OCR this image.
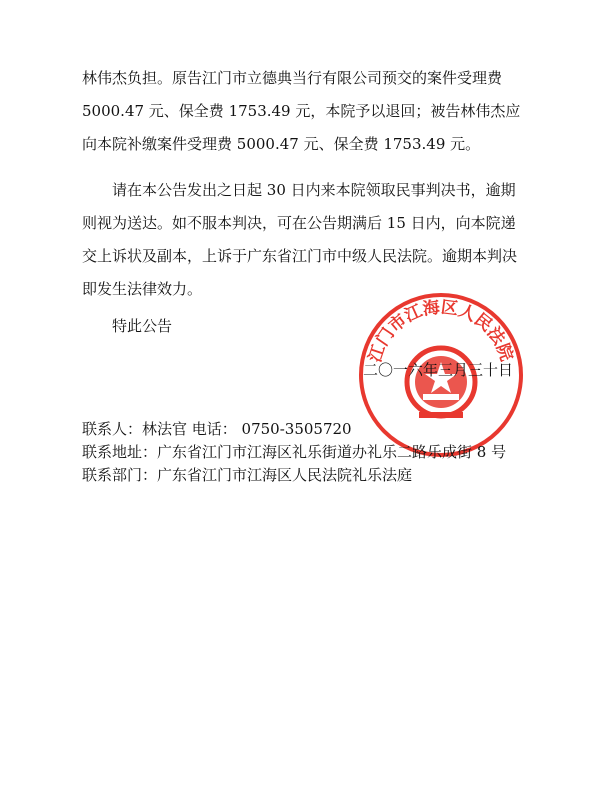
林伟杰负担。原告江门市立德典当行有限公司预交的案件受理费5000.47 元、保全费 1753.49 元，本院予以退回；被告林伟杰应向本院补缴案件受理费 5000.47 元、保全费 1753.49 元。

请在本公告发出之日起 30 日内来本院领取民事判决书，逾期则视为送达。如不服本判决，可在公告期满后 15 日内，向本院递交上诉状及副本，上诉于广东省江门市中级人民法院。逾期本判决即发生法律效力。

特此公告
江门市江海区人民法院
二〇一六年三月三十日
联系人：林法官 电话： 0750-3505720
联系地址：广东省江门市江海区礼乐街道办礼乐二路乐成街 8 号
联系部门：广东省江门市江海区人民法院礼乐法庭
